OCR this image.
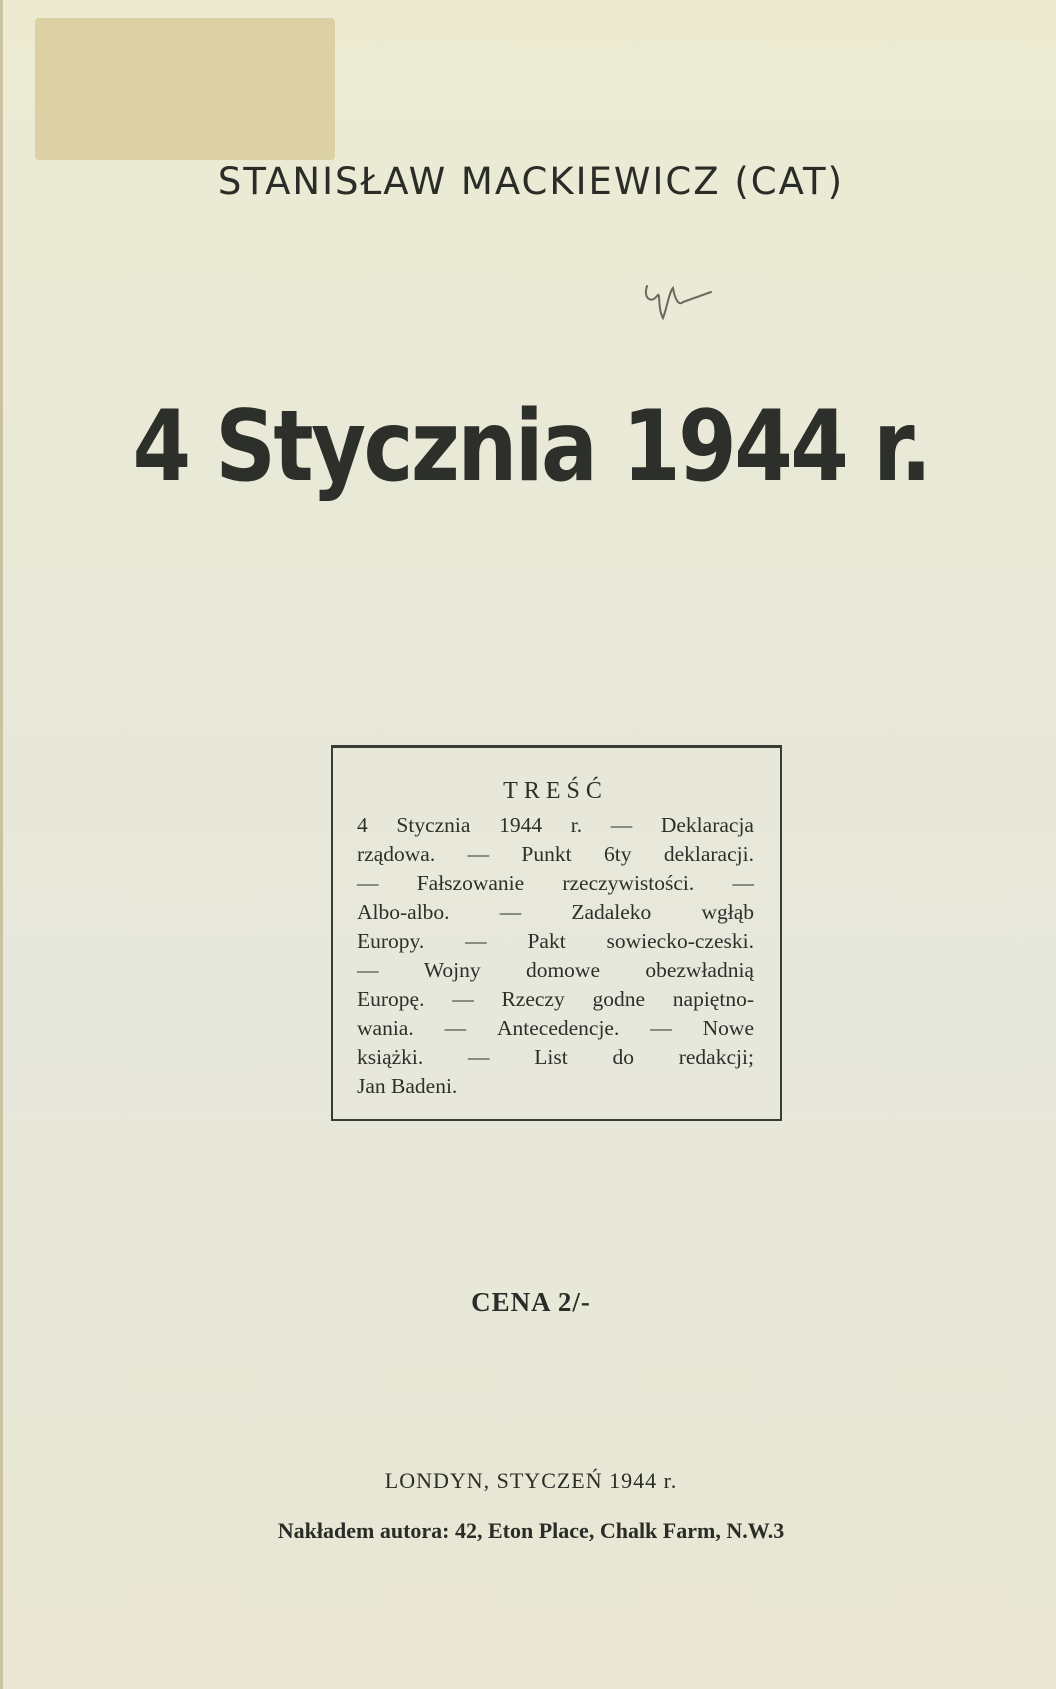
STANISŁAW MACKIEWICZ (CAT)
4 Stycznia 1944 r.
TREŚĆ
4 Stycznia 1944 r. — Deklaracja
rządowa. — Punkt 6ty deklaracji.
— Fałszowanie rzeczywistości. —
Albo-albo. — Zadaleko wgłąb
Europy. — Pakt sowiecko-czeski.
— Wojny domowe obezwładnią
Europę. — Rzeczy godne napiętno-
wania. — Antecedencje. — Nowe
książki. — List do redakcji;
Jan Badeni.
CENA 2/-
LONDYN, STYCZEŃ 1944 r.
Nakładem autora: 42, Eton Place, Chalk Farm, N.W.3
